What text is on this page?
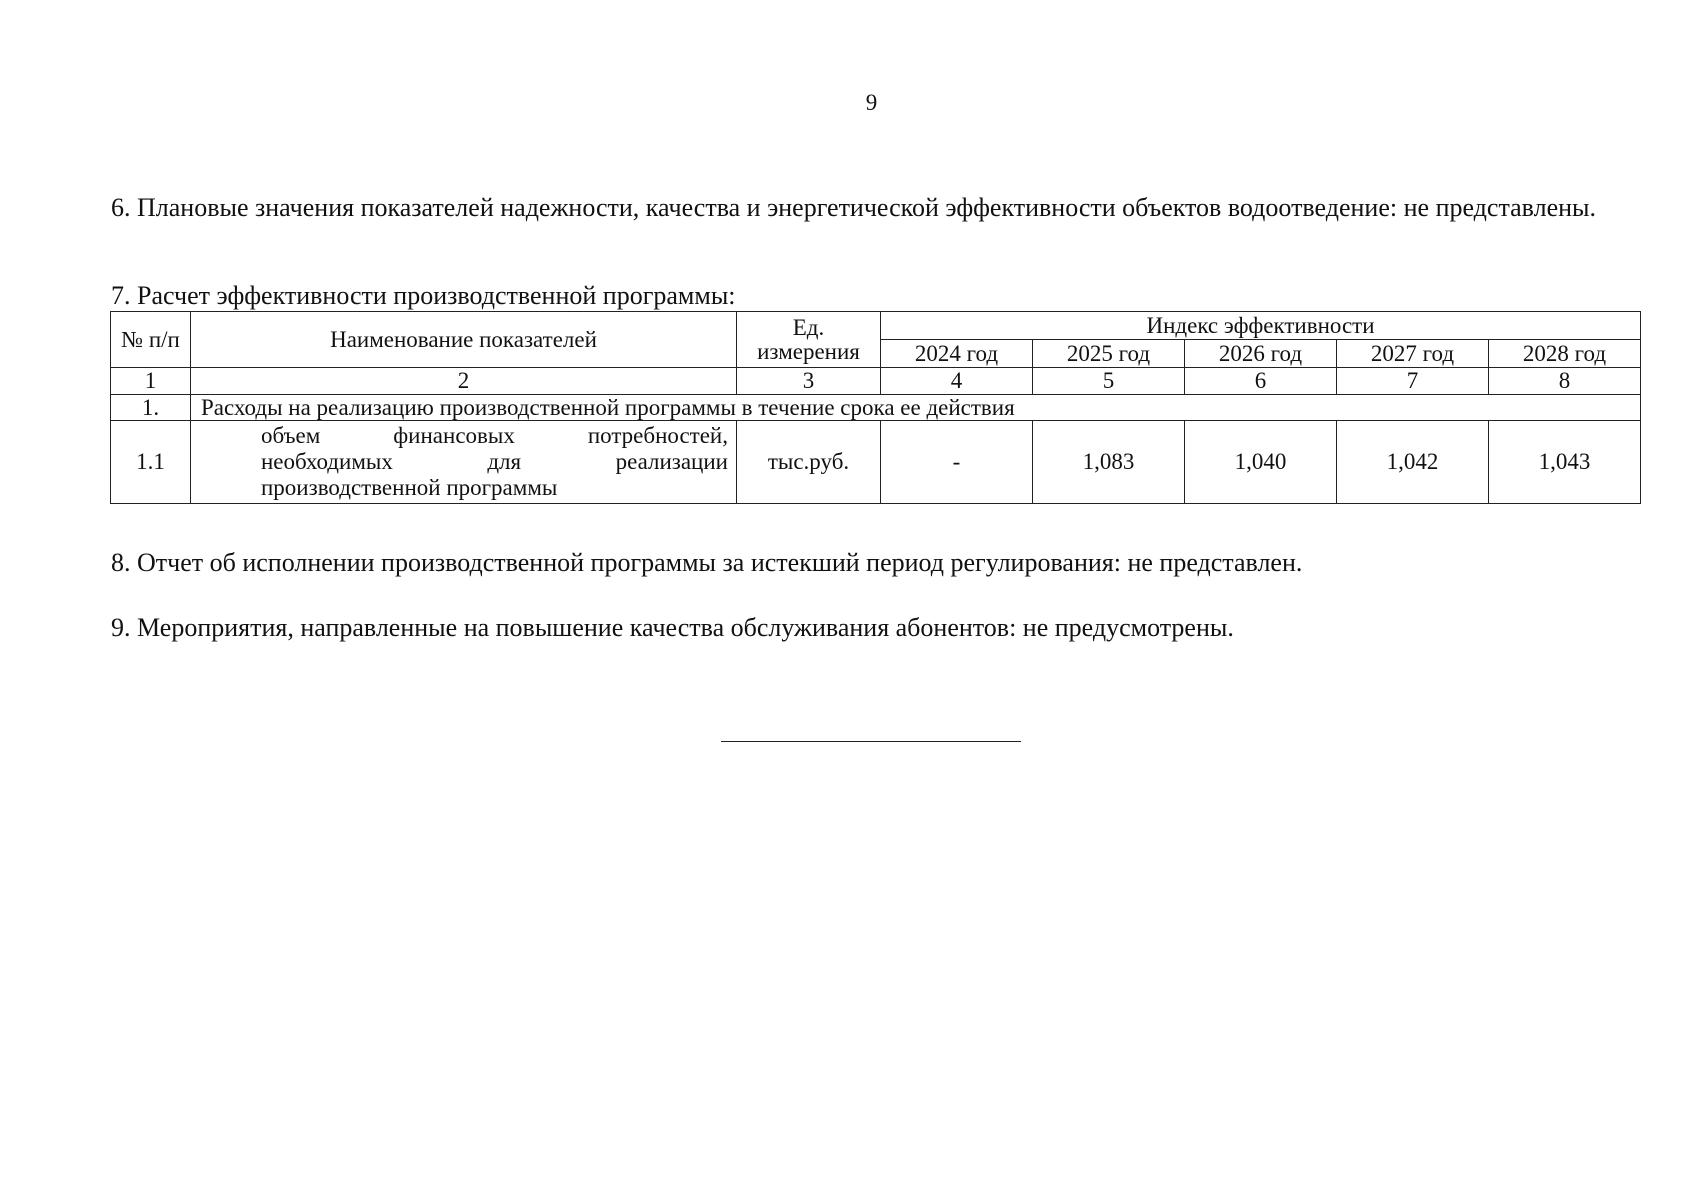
9
6. Плановые значения показателей надежности, качества и энергетической эффективности объектов водоотведение: не представлены.
7. Расчет эффективности производственной программы:
№ п/п	Наименование показателей	Ед. измерения	Индекс эффективности				
			2024 год	2025 год	2026 год	2027 год	2028 год
1	2	3	4	5	6	7	8
1.	Расходы на реализацию производственной программы в течение срока ее действия						
1.1	объем финансовых потребностей, необходимых для реализации производственной программы	тыс.руб.	-	1,083	1,040	1,042	1,043
8. Отчет об исполнении производственной программы за истекший период регулирования: не представлен.
9. Мероприятия, направленные на повышение качества обслуживания абонентов: не предусмотрены.
